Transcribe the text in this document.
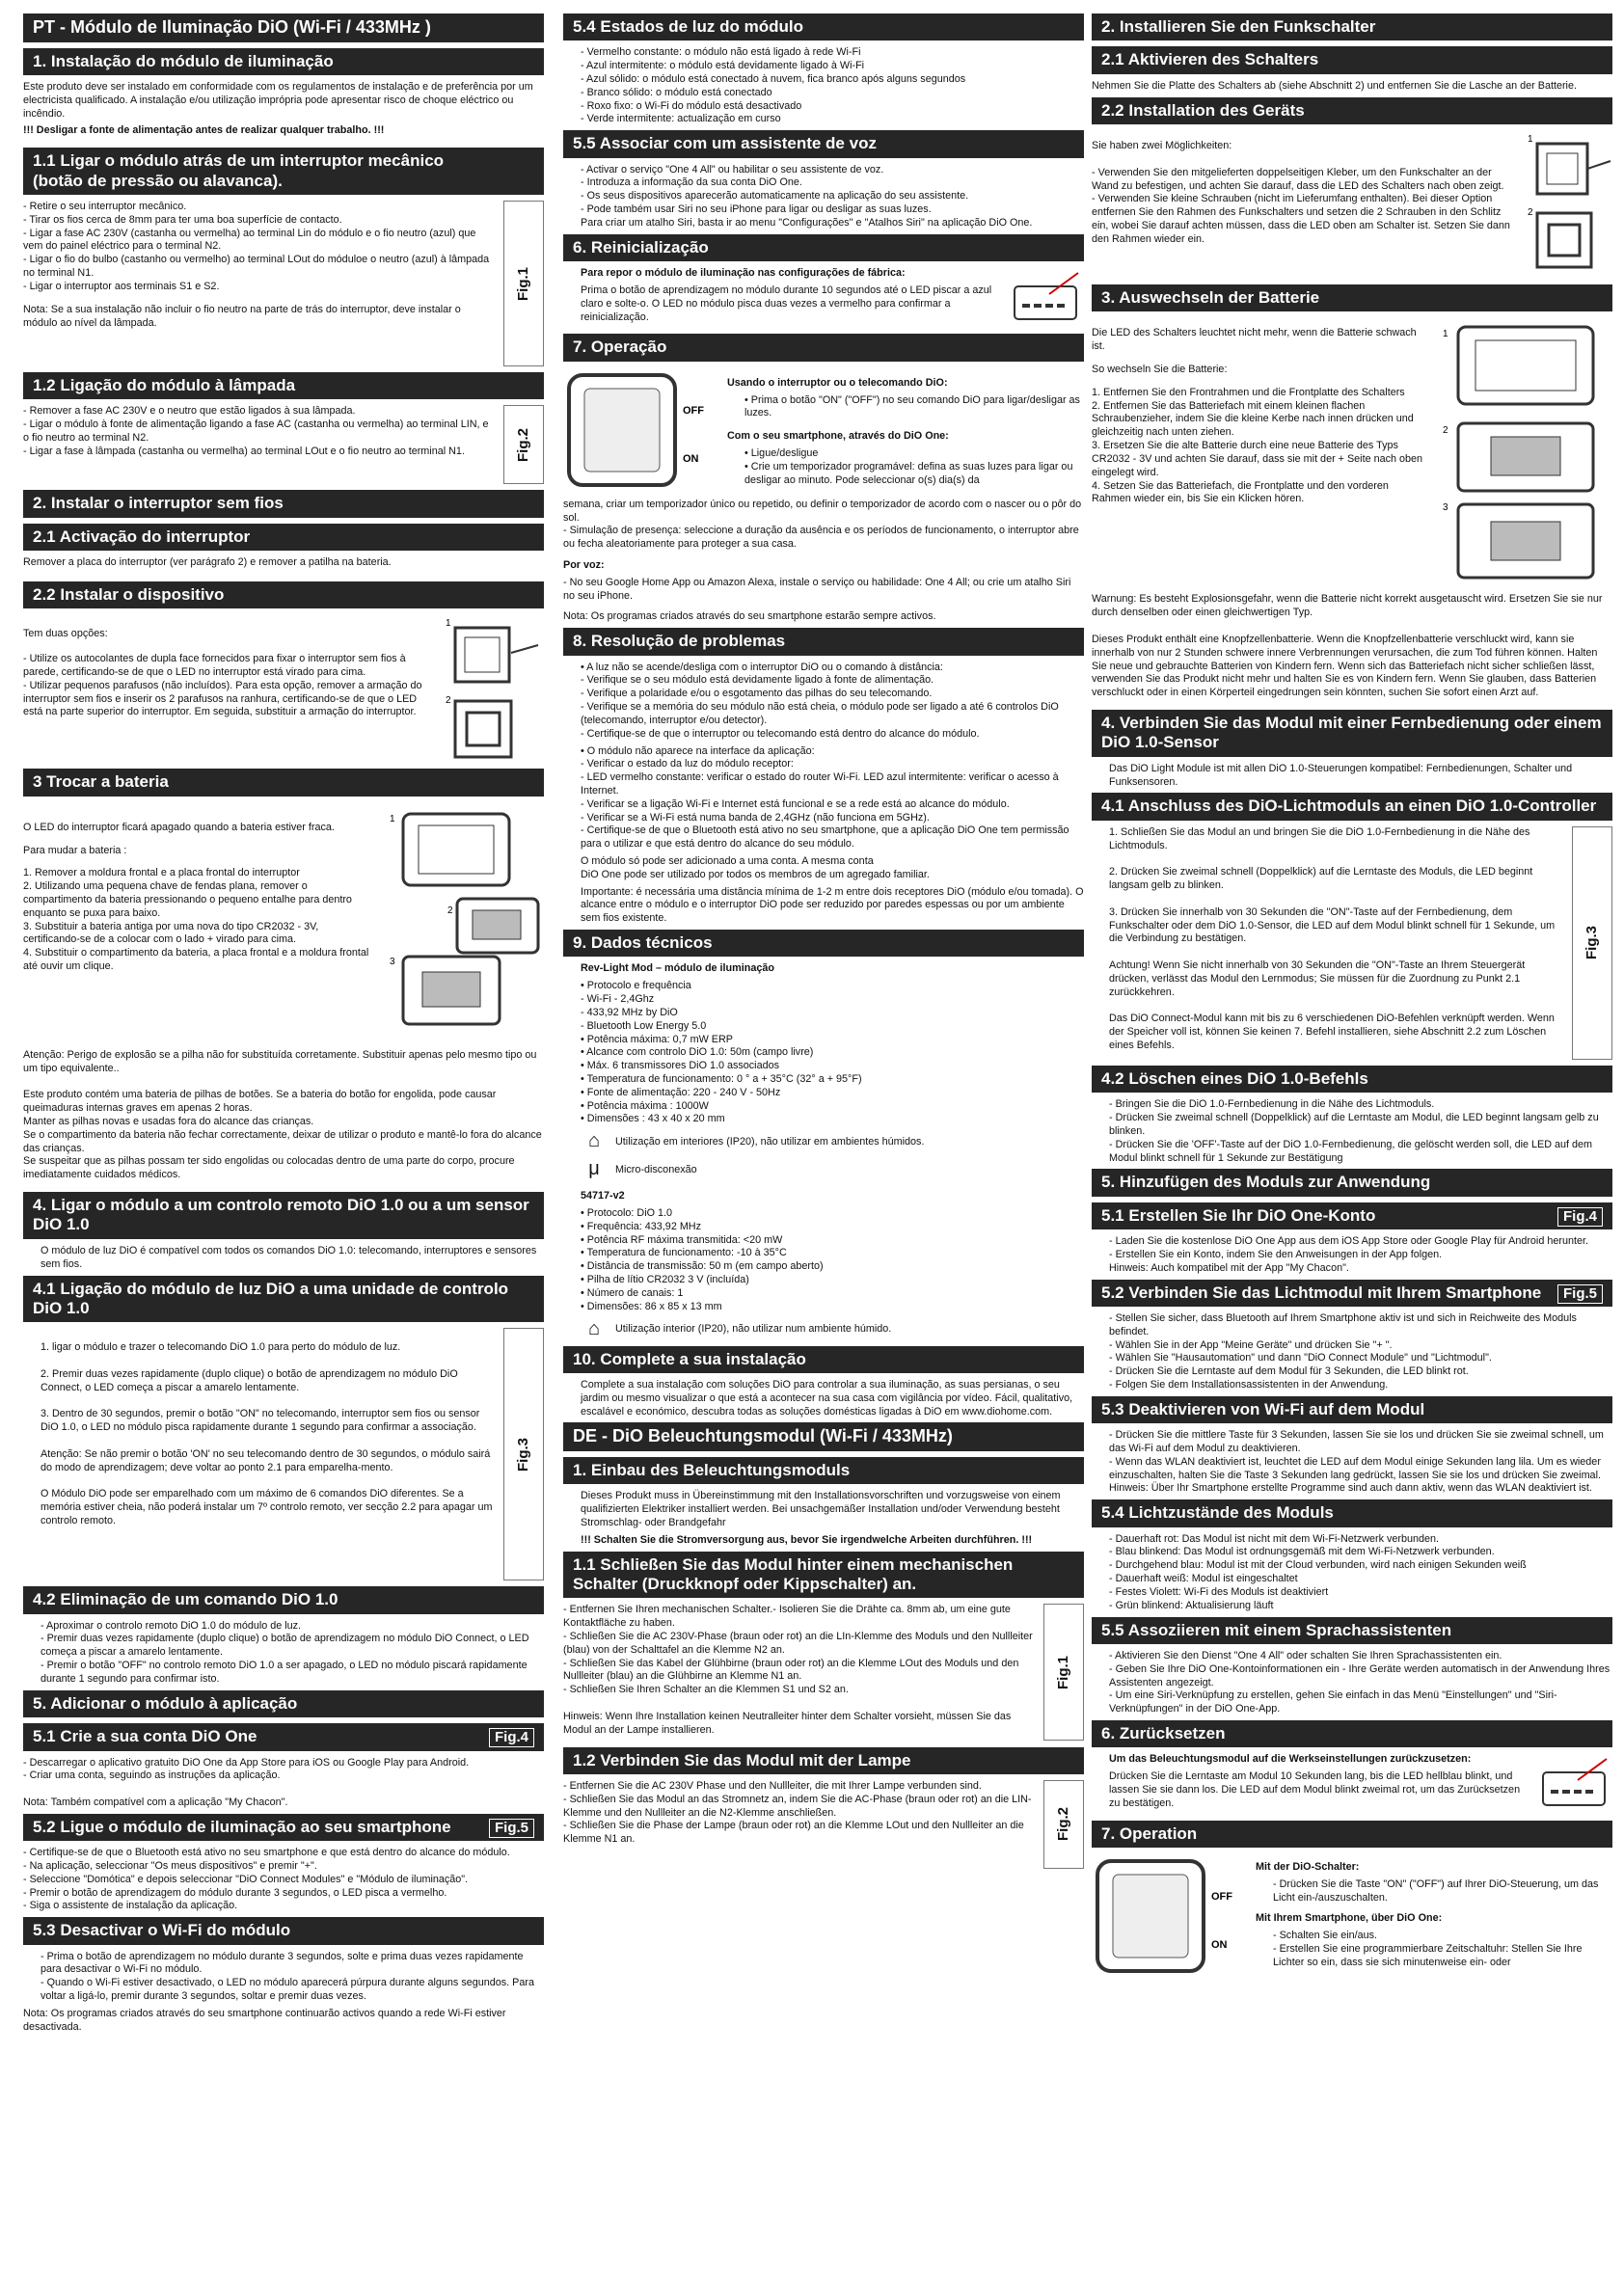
PT - Módulo de Iluminação DiO (Wi-Fi / 433MHz )
1. Instalação do módulo de iluminação

Este produto deve ser instalado em conformidade com os regulamentos de instalação e de preferência por um electricista qualificado. A instalação e/ou utilização imprópria pode apresentar risco de choque eléctrico ou incêndio.

!!! Desligar a fonte de alimentação antes de realizar qualquer trabalho. !!!

1.1 Ligar o módulo atrás de um interruptor mecânico
(botão de pressão ou alavanca).

- Retire o seu interruptor mecânico.
- Tirar os fios cerca de 8mm para ter uma boa superfície de contacto.
- Ligar a fase AC 230V (castanha ou vermelha) ao terminal Lin do módulo e o fio neutro (azul) que vem do painel eléctrico para o terminal N2.
- Ligar o fio do bulbo (castanho ou vermelho) ao terminal LOut do móduloe o neutro (azul) à lâmpada no terminal N1.
- Ligar o interruptor aos terminais S1 e S2.

Nota: Se a sua instalação não incluir o fio neutro na parte de trás do interruptor, deve instalar o módulo ao nível da lâmpada.

Fig.1
1.2 Ligação do módulo à lâmpada

- Remover a fase AC 230V e o neutro que estão ligados à sua lâmpada.
- Ligar o módulo à fonte de alimentação ligando a fase AC (castanha ou vermelha) ao terminal LIN, e o fio neutro ao terminal N2.
- Ligar a fase à lâmpada (castanha ou vermelha) ao terminal LOut e o fio neutro ao terminal N1.	Fig.2
2. Instalar o interruptor sem fios
2.1 Activação do interruptor

Remover a placa do interruptor (ver parágrafo 2) e remover a patilha na bateria.

2.2 Instalar o dispositivo

Tem duas opções:

- Utilize os autocolantes de dupla face fornecidos para fixar o interruptor sem fios à parede, certificando-se de que o LED no interruptor está virado para cima.
- Utilizar pequenos parafusos (não incluídos). Para esta opção, remover a armação do interruptor sem fios e inserir os 2 parafusos na ranhura, certificando-se de que o LED está na parte superior do interruptor. Em seguida, substituir a armação do interruptor.

1
2
3 Trocar a bateria

O LED do interruptor ficará apagado quando a bateria estiver fraca.

Para mudar a bateria :

1. Remover a moldura frontal e a placa frontal do interruptor
2. Utilizando uma pequena chave de fendas plana, remover o compartimento da bateria pressionando o pequeno entalhe para dentro enquanto se puxa para baixo.
3. Substituir a bateria antiga por uma nova do tipo CR2032 - 3V, certificando-se de a colocar com o lado + virado para cima.
4. Substituir o compartimento da bateria, a placa frontal e a moldura frontal até ouvir um clique.

1
2
3

Atenção: Perigo de explosão se a pilha não for substituída corretamente. Substituir apenas pelo mesmo tipo ou um tipo equivalente..

Este produto contém uma bateria de pilhas de botões. Se a bateria do botão for engolida, pode causar queimaduras internas graves em apenas 2 horas.
Manter as pilhas novas e usadas fora do alcance das crianças.
Se o compartimento da bateria não fechar correctamente, deixar de utilizar o produto e mantê-lo fora do alcance das crianças.
Se suspeitar que as pilhas possam ter sido engolidas ou colocadas dentro de uma parte do corpo, procure imediatamente cuidados médicos.

4. Ligar o módulo a um controlo remoto DiO 1.0 ou a um sensor DiO 1.0

O módulo de luz DiO é compatível com todos os comandos DiO 1.0: telecomando, interruptores e sensores sem fios.

4.1 Ligação do módulo de luz DiO a uma unidade de controlo DiO 1.0

1. ligar o módulo e trazer o telecomando DiO 1.0 para perto do módulo de luz.

2. Premir duas vezes rapidamente (duplo clique) o botão de aprendizagem no módulo DiO Connect, o LED começa a piscar a amarelo lentamente.

3. Dentro de 30 segundos, premir o botão "ON" no telecomando, interruptor sem fios ou sensor DiO 1.0, o LED no módulo pisca rapidamente durante 1 segundo para confirmar a associação.

Atenção: Se não premir o botão 'ON' no seu telecomando dentro de 30 segundos, o módulo sairá do modo de aprendizagem; deve voltar ao ponto 2.1 para emparelha-mento.

O Módulo DiO pode ser emparelhado com um máximo de 6 comandos DiO diferentes. Se a memória estiver cheia, não poderá instalar um 7º controlo remoto, ver secção 2.2 para apagar um controlo remoto.

Fig.3
4.2 Eliminação de um comando DiO 1.0

- Aproximar o controlo remoto DiO 1.0 do módulo de luz.
- Premir duas vezes rapidamente (duplo clique) o botão de aprendizagem no módulo DiO Connect, o LED começa a piscar a amarelo lentamente.
- Premir o botão "OFF" no controlo remoto DiO 1.0 a ser apagado, o LED no módulo piscará rapidamente durante 1 segundo para confirmar isto.

5. Adicionar o módulo à aplicação
5.1 Crie a sua conta DiO One	Fig.4

- Descarregar o aplicativo gratuito DiO One da App Store para iOS ou Google Play para Android.
- Criar uma conta, seguindo as instruções da aplicação.

Nota: Também compatível com a aplicação "My Chacon".

5.2 Ligue o módulo de iluminação ao seu smartphone	Fig.5

- Certifique-se de que o Bluetooth está ativo no seu smartphone e que está dentro do alcance do módulo.
- Na aplicação, seleccionar "Os meus dispositivos" e premir "+".
- Seleccione "Domótica" e depois seleccionar "DiO Connect Modules" e "Módulo de iluminação".
- Premir o botão de aprendizagem do módulo durante 3 segundos, o LED pisca a vermelho.
- Siga o assistente de instalação da aplicação.

5.3 Desactivar o Wi-Fi do módulo

- Prima o botão de aprendizagem no módulo durante 3 segundos, solte e prima duas vezes rapidamente para desactivar o Wi-Fi no módulo.
- Quando o Wi-Fi estiver desactivado, o LED no módulo aparecerá púrpura durante alguns segundos. Para voltar a ligá-lo, premir durante 3 segundos, soltar e premir duas vezes.

Nota: Os programas criados através do seu smartphone continuarão activos quando a rede Wi-Fi estiver desactivada.

5.4 Estados de luz do módulo

- Vermelho constante: o módulo não está ligado à rede Wi-Fi
- Azul intermitente: o módulo está devidamente ligado à Wi-Fi
- Azul sólido: o módulo está conectado à nuvem, fica branco após alguns segundos
- Branco sólido: o módulo está conectado
- Roxo fixo: o Wi-Fi do módulo está desactivado
- Verde intermitente: actualização em curso

5.5 Associar com um assistente de voz

- Activar o serviço "One 4 All" ou habilitar o seu assistente de voz.
- Introduza a informação da sua conta DiO One.
- Os seus dispositivos aparecerão automaticamente na aplicação do seu assistente.
- Pode também usar Siri no seu iPhone para ligar ou desligar as suas luzes.
Para criar um atalho Siri, basta ir ao menu "Configurações" e "Atalhos Siri" na aplicação DiO One.

6. Reinicialização

Para repor o módulo de iluminação nas configurações de fábrica:

Prima o botão de aprendizagem no módulo durante 10 segundos até o LED piscar a azul claro e solte-o. O LED no módulo pisca duas vezes a vermelho para confirmar a reinicialização.

7. Operação
OFF
ON

Usando o interruptor ou o telecomando DiO:

• Prima o botão "ON" ("OFF") no seu comando DiO para ligar/desligar as luzes.

Com o seu smartphone, através do DiO One:

• Ligue/desligue
• Crie um temporizador programável: defina as suas luzes para ligar ou desligar ao minuto. Pode seleccionar o(s) dia(s) da

semana, criar um temporizador único ou repetido, ou definir o temporizador de acordo com o nascer ou o pôr do sol.
- Simulação de presença: seleccione a duração da ausência e os períodos de funcionamento, o interruptor abre ou fecha aleatoriamente para proteger a sua casa.

Por voz:

- No seu Google Home App ou Amazon Alexa, instale o serviço ou habilidade: One 4 All; ou crie um atalho Siri no seu iPhone.

Nota: Os programas criados através do seu smartphone estarão sempre activos.

8. Resolução de problemas

• A luz não se acende/desliga com o interruptor DiO ou o comando à distância:
- Verifique se o seu módulo está devidamente ligado à fonte de alimentação.
- Verifique a polaridade e/ou o esgotamento das pilhas do seu telecomando.
- Verifique se a memória do seu módulo não está cheia, o módulo pode ser ligado a até 6 controlos DiO (telecomando, interruptor e/ou detector).
- Certifique-se de que o interruptor ou telecomando está dentro do alcance do módulo.

• O módulo não aparece na interface da aplicação:
- Verificar o estado da luz do módulo receptor:
- LED vermelho constante: verificar o estado do router Wi-Fi. LED azul intermitente: verificar o acesso à Internet.
- Verificar se a ligação Wi-Fi e Internet está funcional e se a rede está ao alcance do módulo.
- Verificar se a Wi-Fi está numa banda de 2,4GHz (não funciona em 5GHz).
- Certifique-se de que o Bluetooth está ativo no seu smartphone, que a aplicação DiO One tem permissão para o utilizar e que está dentro do alcance do seu módulo.

O módulo só pode ser adicionado a uma conta. A mesma conta
DiO One pode ser utilizado por todos os membros de um agregado familiar.

Importante: é necessária uma distância mínima de 1-2 m entre dois receptores DiO (módulo e/ou tomada). O alcance entre o módulo e o interruptor DiO pode ser reduzido por paredes espessas ou por um ambiente sem fios existente.

9. Dados técnicos

Rev-Light Mod – módulo de iluminação

• Protocolo e frequência
- Wi-Fi - 2,4Ghz
- 433,92 MHz by DiO
- Bluetooth Low Energy 5.0
• Potência máxima: 0,7 mW ERP
• Alcance com controlo DiO 1.0: 50m (campo livre)
• Máx. 6 transmissores DiO 1.0 associados
• Temperatura de funcionamento: 0 ° a + 35°C (32° a + 95°F)
• Fonte de alimentação: 220 - 240 V - 50Hz
• Potência máxima : 1000W
• Dimensões : 43 x 40 x 20 mm

⌂	Utilização em interiores (IP20), não utilizar em ambientes húmidos.
μ	Micro-disconexão

54717-v2

• Protocolo: DiO 1.0
• Frequência: 433,92 MHz
• Potência RF máxima transmitida: <20 mW
• Temperatura de funcionamento: -10 à 35°C
• Distância de transmissão: 50 m (em campo aberto)
• Pilha de lítio CR2032 3 V (incluída)
• Número de canais: 1
• Dimensões: 86 x 85 x 13 mm

⌂	Utilização interior (IP20), não utilizar num ambiente húmido.
10. Complete a sua instalação

Complete a sua instalação com soluções DiO para controlar a sua iluminação, as suas persianas, o seu jardim ou mesmo visualizar o que está a acontecer na sua casa com vigilância por vídeo. Fácil, qualitativo, escalável e económico, descubra todas as soluções domésticas ligadas à DiO em www.diohome.com.

DE - DiO Beleuchtungsmodul (Wi-Fi / 433MHz)
1. Einbau des Beleuchtungsmoduls

Dieses Produkt muss in Übereinstimmung mit den Installationsvorschriften und vorzugsweise von einem qualifizierten Elektriker installiert werden. Bei unsachgemäßer Installation und/oder Verwendung besteht Stromschlag- oder Brandgefahr

!!! Schalten Sie die Stromversorgung aus, bevor Sie irgendwelche Arbeiten durchführen. !!!

1.1 Schließen Sie das Modul hinter einem mechanischen Schalter (Druckknopf oder Kippschalter) an.

- Entfernen Sie Ihren mechanischen Schalter.- Isolieren Sie die Drähte ca. 8mm ab, um eine gute Kontaktfläche zu haben.
- Schließen Sie die AC 230V-Phase (braun oder rot) an die LIn-Klemme des Moduls und den Nullleiter (blau) von der Schalttafel an die Klemme N2 an.
- Schließen Sie das Kabel der Glühbirne (braun oder rot) an die Klemme LOut des Moduls und den Nullleiter (blau) an die Glühbirne an Klemme N1 an.
- Schließen Sie Ihren Schalter an die Klemmen S1 und S2 an.

Hinweis: Wenn Ihre Installation keinen Neutralleiter hinter dem Schalter vorsieht, müssen Sie das Modul an der Lampe installieren.

Fig.1
1.2 Verbinden Sie das Modul mit der Lampe

- Entfernen Sie die AC 230V Phase und den Nullleiter, die mit Ihrer Lampe verbunden sind.
- Schließen Sie das Modul an das Stromnetz an, indem Sie die AC-Phase (braun oder rot) an die LIN-Klemme und den Nullleiter an die N2-Klemme anschließen.
- Schließen Sie die Phase der Lampe (braun oder rot) an die Klemme LOut und den Nullleiter an die Klemme N1 an.	Fig.2
2. Installieren Sie den Funkschalter
2.1 Aktivieren des Schalters

Nehmen Sie die Platte des Schalters ab (siehe Abschnitt 2) und entfernen Sie die Lasche an der Batterie.

2.2 Installation des Geräts

Sie haben zwei Möglichkeiten:

- Verwenden Sie den mitgelieferten doppelseitigen Kleber, um den Funkschalter an der Wand zu befestigen, und achten Sie darauf, dass die LED des Schalters nach oben zeigt.
- Verwenden Sie kleine Schrauben (nicht im Lieferumfang enthalten). Bei dieser Option entfernen Sie den Rahmen des Funkschalters und setzen die 2 Schrauben in den Schlitz ein, wobei Sie darauf achten müssen, dass die LED oben am Schalter ist. Setzen Sie dann den Rahmen wieder ein.

1
2
3. Auswechseln der Batterie

Die LED des Schalters leuchtet nicht mehr, wenn die Batterie schwach ist.

So wechseln Sie die Batterie:

1. Entfernen Sie den Frontrahmen und die Frontplatte des Schalters
2. Entfernen Sie das Batteriefach mit einem kleinen flachen Schraubenzieher, indem Sie die kleine Kerbe nach innen drücken und gleichzeitig nach unten ziehen.
3. Ersetzen Sie die alte Batterie durch eine neue Batterie des Typs CR2032 - 3V und achten Sie darauf, dass sie mit der + Seite nach oben eingelegt wird.
4. Setzen Sie das Batteriefach, die Frontplatte und den vorderen Rahmen wieder ein, bis Sie ein Klicken hören.

1
2
3

Warnung: Es besteht Explosionsgefahr, wenn die Batterie nicht korrekt ausgetauscht wird. Ersetzen Sie sie nur durch denselben oder einen gleichwertigen Typ.

Dieses Produkt enthält eine Knopfzellenbatterie. Wenn die Knopfzellenbatterie verschluckt wird, kann sie innerhalb von nur 2 Stunden schwere innere Verbrennungen verursachen, die zum Tod führen können. Halten Sie neue und gebrauchte Batterien von Kindern fern. Wenn sich das Batteriefach nicht sicher schließen lässt, verwenden Sie das Produkt nicht mehr und halten Sie es von Kindern fern. Wenn Sie glauben, dass Batterien verschluckt oder in einen Körperteil eingedrungen sein könnten, suchen Sie sofort einen Arzt auf.

4. Verbinden Sie das Modul mit einer Fernbedienung oder einem DiO 1.0-Sensor

Das DiO Light Module ist mit allen DiO 1.0-Steuerungen kompatibel: Fernbedienungen, Schalter und Funksensoren.

4.1 Anschluss des DiO-Lichtmoduls an einen DiO 1.0-Controller

1. Schließen Sie das Modul an und bringen Sie die DiO 1.0-Fernbedienung in die Nähe des Lichtmoduls.

2. Drücken Sie zweimal schnell (Doppelklick) auf die Lerntaste des Moduls, die LED beginnt langsam gelb zu blinken.

3. Drücken Sie innerhalb von 30 Sekunden die "ON"-Taste auf der Fernbedienung, dem Funkschalter oder dem DiO 1.0-Sensor, die LED auf dem Modul blinkt schnell für 1 Sekunde, um die Verbindung zu bestätigen.

Achtung! Wenn Sie nicht innerhalb von 30 Sekunden die "ON"-Taste an Ihrem Steuergerät drücken, verlässt das Modul den Lernmodus; Sie müssen für die Zuordnung zu Punkt 2.1 zurückkehren.

Das DiO Connect-Modul kann mit bis zu 6 verschiedenen DiO-Befehlen verknüpft werden. Wenn der Speicher voll ist, können Sie keinen 7. Befehl installieren, siehe Abschnitt 2.2 zum Löschen eines Befehls.

Fig.3
4.2 Löschen eines DiO 1.0-Befehls

- Bringen Sie die DiO 1.0-Fernbedienung in die Nähe des Lichtmoduls.
- Drücken Sie zweimal schnell (Doppelklick) auf die Lerntaste am Modul, die LED beginnt langsam gelb zu blinken.
- Drücken Sie die 'OFF'-Taste auf der DiO 1.0-Fernbedienung, die gelöscht werden soll, die LED auf dem Modul blinkt schnell für 1 Sekunde zur Bestätigung

5. Hinzufügen des Moduls zur Anwendung
5.1 Erstellen Sie Ihr DiO One-Konto	Fig.4

- Laden Sie die kostenlose DiO One App aus dem iOS App Store oder Google Play für Android herunter.
- Erstellen Sie ein Konto, indem Sie den Anweisungen in der App folgen.
Hinweis: Auch kompatibel mit der App "My Chacon".

5.2 Verbinden Sie das Lichtmodul mit Ihrem Smartphone	Fig.5

- Stellen Sie sicher, dass Bluetooth auf Ihrem Smartphone aktiv ist und sich in Reichweite des Moduls befindet.
- Wählen Sie in der App "Meine Geräte" und drücken Sie "+ ".
- Wählen Sie "Hausautomation" und dann "DiO Connect Module" und "Lichtmodul".
- Drücken Sie die Lerntaste auf dem Modul für 3 Sekunden, die LED blinkt rot.
- Folgen Sie dem Installationsassistenten in der Anwendung.

5.3 Deaktivieren von Wi-Fi auf dem Modul

- Drücken Sie die mittlere Taste für 3 Sekunden, lassen Sie sie los und drücken Sie sie zweimal schnell, um das Wi-Fi auf dem Modul zu deaktivieren.
- Wenn das WLAN deaktiviert ist, leuchtet die LED auf dem Modul einige Sekunden lang lila. Um es wieder einzuschalten, halten Sie die Taste 3 Sekunden lang gedrückt, lassen Sie sie los und drücken Sie zweimal.
Hinweis: Über Ihr Smartphone erstellte Programme sind auch dann aktiv, wenn das WLAN deaktiviert ist.

5.4 Lichtzustände des Moduls

- Dauerhaft rot: Das Modul ist nicht mit dem Wi-Fi-Netzwerk verbunden.
- Blau blinkend: Das Modul ist ordnungsgemäß mit dem Wi-Fi-Netzwerk verbunden.
- Durchgehend blau: Modul ist mit der Cloud verbunden, wird nach einigen Sekunden weiß
- Dauerhaft weiß: Modul ist eingeschaltet
- Festes Violett: Wi-Fi des Moduls ist deaktiviert
- Grün blinkend: Aktualisierung läuft

5.5 Assoziieren mit einem Sprachassistenten

- Aktivieren Sie den Dienst "One 4 All" oder schalten Sie Ihren Sprachassistenten ein.
- Geben Sie Ihre DiO One-Kontoinformationen ein - Ihre Geräte werden automatisch in der Anwendung Ihres Assistenten angezeigt.
- Um eine Siri-Verknüpfung zu erstellen, gehen Sie einfach in das Menü "Einstellungen" und "Siri-Verknüpfungen" in der DiO One-App.

6. Zurücksetzen

Um das Beleuchtungsmodul auf die Werkseinstellungen zurückzusetzen:

Drücken Sie die Lerntaste am Modul 10 Sekunden lang, bis die LED hellblau blinkt, und lassen Sie sie dann los. Die LED auf dem Modul blinkt zweimal rot, um das Zurücksetzen zu bestätigen.

7. Operation
OFF
ON

Mit der DiO-Schalter:

- Drücken Sie die Taste "ON" ("OFF") auf Ihrer DiO-Steuerung, um das Licht ein-/auszuschalten.

Mit Ihrem Smartphone, über DiO One:

- Schalten Sie ein/aus.
- Erstellen Sie eine programmierbare Zeitschaltuhr: Stellen Sie Ihre Lichter so ein, dass sie sich minutenweise ein- oder
